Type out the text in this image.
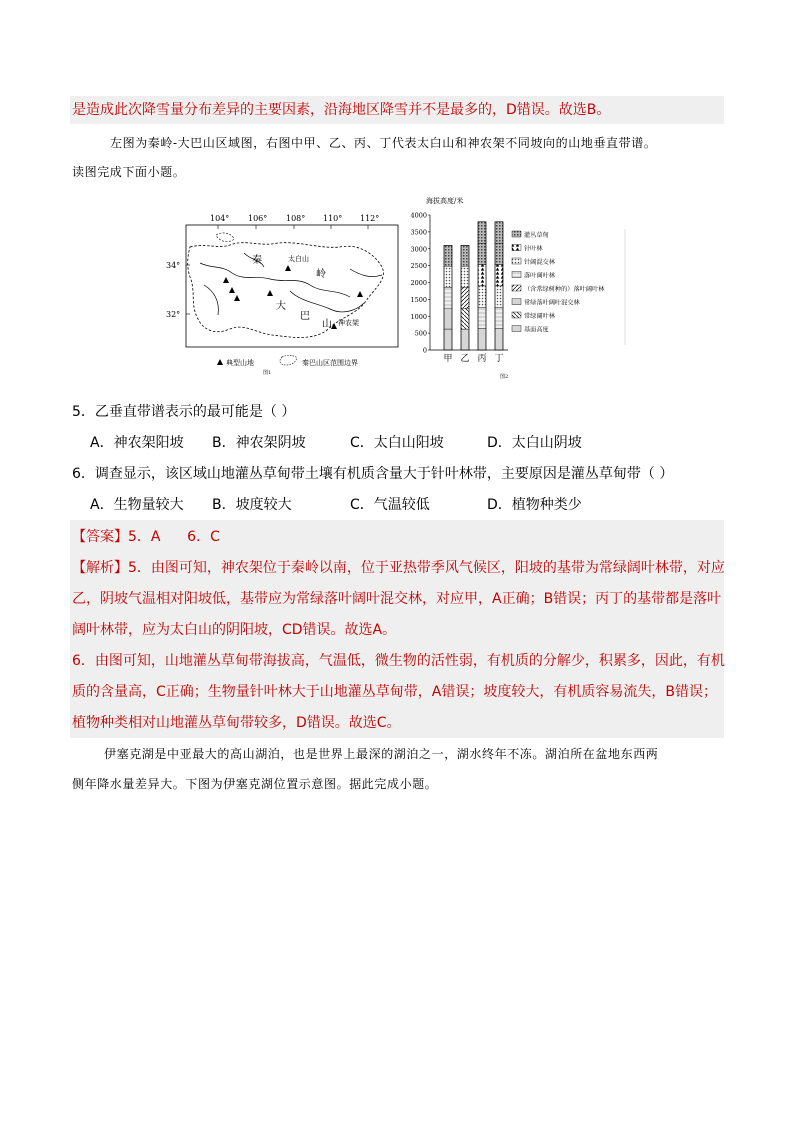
是造成此次降雪量分布差异的主要因素，沿海地区降雪并不是最多的，D错误。故选B。
左图为秦岭-大巴山区域图，右图中甲、乙、丙、丁代表太白山和神农架不同坡向的山地垂直带谱。
读图完成下面小题。
104° 106° 108° 110° 112°
34°
32°
秦	太白山
岭
大
巴
山 神农架
典型山地	秦巴山区范围边界
图1
海拔高度/米
0
500
1000
1500
2000
2500
3000
3500
4000
甲 乙 丙 丁
灌丛草甸
针叶林
针阔混交林
落叶阔叶林
（含常绿树种的）落叶阔叶林
常绿落叶阔叶混交林
常绿阔叶林
基面高度
图2
5．乙垂直带谱表示的最可能是（ ）
A．神农架阳坡 B．神农架阴坡	C．太白山阳坡	D．太白山阴坡
6．调查显示，该区域山地灌丛草甸带土壤有机质含量大于针叶林带，主要原因是灌丛草甸带（ ）
A．生物量较大 B．坡度较大	C．气温较低	D．植物种类少
【答案】5．A      6．C
【解析】5．由图可知，神农架位于秦岭以南，位于亚热带季风气候区，阳坡的基带为常绿阔叶林带，对应
乙，阴坡气温相对阳坡低，基带应为常绿落叶阔叶混交林，对应甲，A正确；B错误；丙丁的基带都是落叶
阔叶林带，应为太白山的阴阳坡，CD错误。故选A。
6．由图可知，山地灌丛草甸带海拔高，气温低，微生物的活性弱，有机质的分解少，积累多，因此，有机
质的含量高，C正确；生物量针叶林大于山地灌丛草甸带，A错误；坡度较大，有机质容易流失，B错误；
植物种类相对山地灌丛草甸带较多，D错误。故选C。
伊塞克湖是中亚最大的高山湖泊，也是世界上最深的湖泊之一，湖水终年不冻。湖泊所在盆地东西两
侧年降水量差异大。下图为伊塞克湖位置示意图。据此完成小题。
